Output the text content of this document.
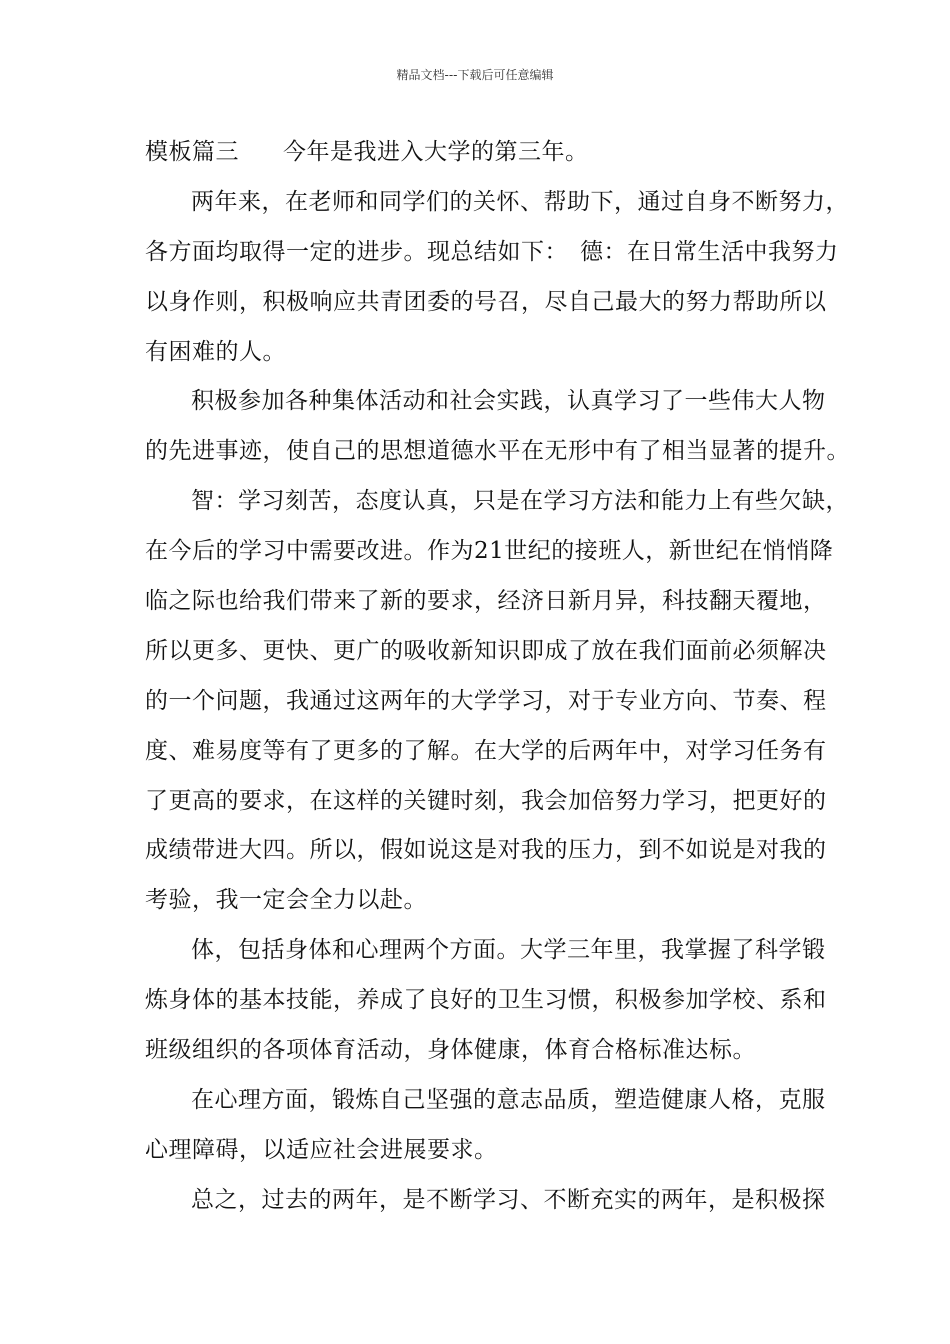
精品文档---下载后可任意编辑
模板篇三 今年是我进入大学的第三年。
两年来，在老师和同学们的关怀、帮助下，通过自身不断努力，
各方面均取得一定的进步。现总结如下：　德：在日常生活中我努力
以身作则，积极响应共青团委的号召，尽自己最大的努力帮助所以
有困难的人。
积极参加各种集体活动和社会实践，认真学习了一些伟大人物
的先进事迹，使自己的思想道德水平在无形中有了相当显著的提升。
智：学习刻苦，态度认真，只是在学习方法和能力上有些欠缺，
在今后的学习中需要改进。作为21世纪的接班人，新世纪在悄悄降
临之际也给我们带来了新的要求，经济日新月异，科技翻天覆地，
所以更多、更快、更广的吸收新知识即成了放在我们面前必须解决
的一个问题，我通过这两年的大学学习，对于专业方向、节奏、程
度、难易度等有了更多的了解。在大学的后两年中，对学习任务有
了更高的要求，在这样的关键时刻，我会加倍努力学习，把更好的
成绩带进大四。所以，假如说这是对我的压力，到不如说是对我的
考验，我一定会全力以赴。
体，包括身体和心理两个方面。大学三年里，我掌握了科学锻
炼身体的基本技能，养成了良好的卫生习惯，积极参加学校、系和
班级组织的各项体育活动，身体健康，体育合格标准达标。
在心理方面，锻炼自己坚强的意志品质，塑造健康人格，克服
心理障碍，以适应社会进展要求。
总之，过去的两年，是不断学习、不断充实的两年，是积极探
